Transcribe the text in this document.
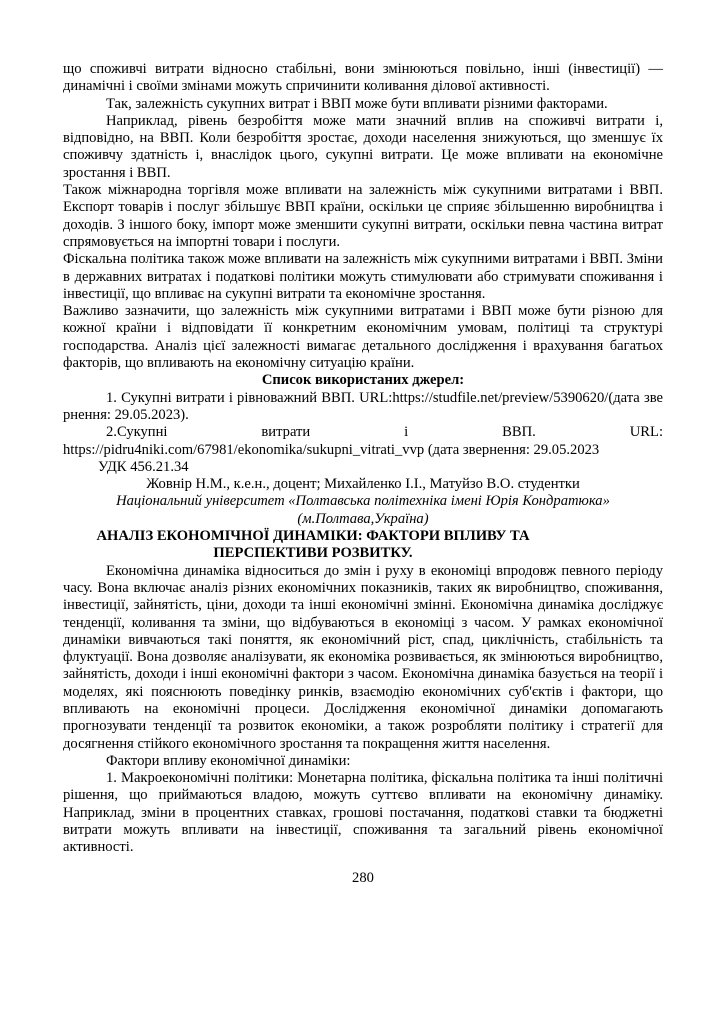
що споживчі витрати відносно стабільні, вони змінюються повільно, інші (інвестиції) — динамічні і своїми змінами можуть спричинити коливання ділової активності.

Так, залежність сукупних витрат і ВВП може бути впливати різними факторами.

Наприклад, рівень безробіття може мати значний вплив на споживчі витрати і, відповідно, на ВВП. Коли безробіття зростає, доходи населення знижуються, що зменшує їх споживчу здатність і, внаслідок цього, сукупні витрати. Це може впливати на економічне зростання і ВВП.

Також міжнародна торгівля може впливати на залежність між сукупними витратами і ВВП. Експорт товарів і послуг збільшує ВВП країни, оскільки це сприяє збільшенню виробництва і доходів. З іншого боку, імпорт може зменшити сукупні витрати, оскільки певна частина витрат спрямовується на імпортні товари і послуги.

Фіскальна політика також може впливати на залежність між сукупними витратами і ВВП. Зміни в державних витратах і податкові політики можуть стимулювати або стримувати споживання і інвестиції, що впливає на сукупні витрати та економічне зростання.

Важливо зазначити, що залежність між сукупними витратами і ВВП може бути різною для кожної країни і відповідати її конкретним економічним умовам, політиці та структурі господарства. Аналіз цієї залежності вимагає детального дослідження і врахування багатьох факторів, що впливають на економічну ситуацію країни.

Список використаних джерел:

1. Сукупні витрати і рівноважний ВВП. URL:https://studfile.net/preview/5390620/(дата звернення: 29.05.2023).

2.Сукупні витрати і ВВП. URL: https://pidru4niki.com/67981/ekonomika/sukupni_vitrati_vvp (дата звернення: 29.05.2023

УДК 456.21.34

Жовнір Н.М., к.е.н., доцент; Михайленко І.І., Матуйзо В.О. студентки

Національний університет «Полтавська політехніка імені Юрія Кондратюка»

(м.Полтава,Україна)

АНАЛІЗ ЕКОНОМІЧНОЇ ДИНАМІКИ: ФАКТОРИ ВПЛИВУ ТА ПЕРСПЕКТИВИ РОЗВИТКУ.

Економічна динаміка відноситься до змін і руху в економіці впродовж певного періоду часу. Вона включає аналіз різних економічних показників, таких як виробництво, споживання, інвестиції, зайнятість, ціни, доходи та інші економічні змінні. Економічна динаміка досліджує тенденції, коливання та зміни, що відбуваються в економіці з часом. У рамках економічної динаміки вивчаються такі поняття, як економічний ріст, спад, циклічність, стабільність та флуктуації. Вона дозволяє аналізувати, як економіка розвивається, як змінюються виробництво, зайнятість, доходи і інші економічні фактори з часом. Економічна динаміка базується на теорії і моделях, які пояснюють поведінку ринків, взаємодію економічних суб'єктів і фактори, що впливають на економічні процеси. Дослідження економічної динаміки допомагають прогнозувати тенденції та розвиток економіки, а також розробляти політику і стратегії для досягнення стійкого економічного зростання та покращення життя населення.

Фактори впливу економічної динаміки:

1. Макроекономічні політики: Монетарна політика, фіскальна політика та інші політичні рішення, що приймаються владою, можуть суттєво впливати на економічну динаміку. Наприклад, зміни в процентних ставках, грошові постачання, податкові ставки та бюджетні витрати можуть впливати на інвестиції, споживання та загальний рівень економічної активності.

280
